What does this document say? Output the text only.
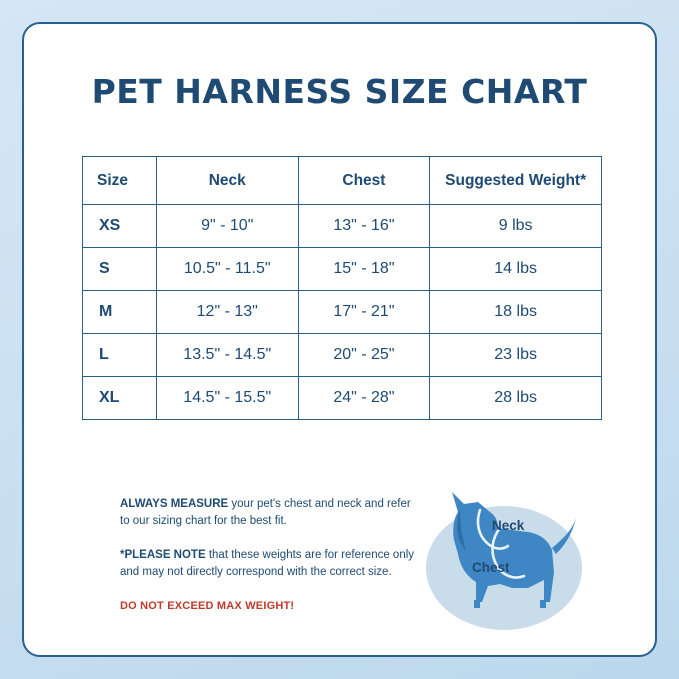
PET HARNESS SIZE CHART
Size	Neck	Chest	Suggested Weight*
XS	9" - 10"	13" - 16"	9 lbs
S	10.5" - 11.5"	15" - 18"	14 lbs
M	12" - 13"	17" - 21"	18 lbs
L	13.5" - 14.5"	20" - 25"	23 lbs
XL	14.5" - 15.5"	24" - 28"	28 lbs

ALWAYS MEASURE your pet's chest and neck and refer to our sizing chart for the best fit.

*PLEASE NOTE that these weights are for reference only and may not directly correspond with the correct size.

DO NOT EXCEED MAX WEIGHT!

Neck
Chest
